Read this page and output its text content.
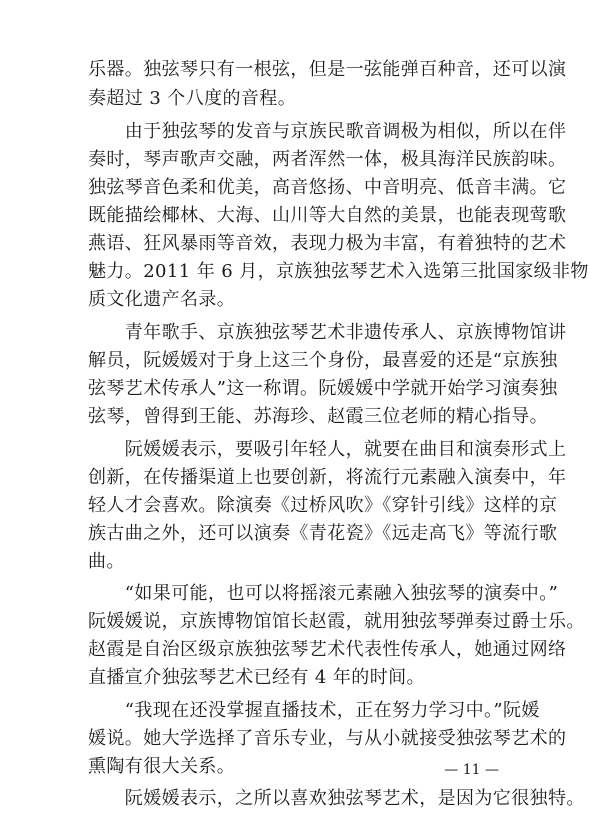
乐器。独弦琴只有一根弦，但是一弦能弹百种音，还可以演
奏超过 3 个八度的音程。
　　由于独弦琴的发音与京族民歌音调极为相似，所以在伴
奏时，琴声歌声交融，两者浑然一体，极具海洋民族韵味。
独弦琴音色柔和优美，高音悠扬、中音明亮、低音丰满。它
既能描绘椰林、大海、山川等大自然的美景，也能表现莺歌
燕语、狂风暴雨等音效，表现力极为丰富，有着独特的艺术
魅力。2011 年 6 月，京族独弦琴艺术入选第三批国家级非物
质文化遗产名录。
　　青年歌手、京族独弦琴艺术非遗传承人、京族博物馆讲
解员，阮媛媛对于身上这三个身份，最喜爱的还是“京族独
弦琴艺术传承人”这一称谓。阮媛媛中学就开始学习演奏独
弦琴，曾得到王能、苏海珍、赵霞三位老师的精心指导。
　　阮媛媛表示，要吸引年轻人，就要在曲目和演奏形式上
创新，在传播渠道上也要创新，将流行元素融入演奏中，年
轻人才会喜欢。除演奏《过桥风吹》《穿针引线》这样的京
族古曲之外，还可以演奏《青花瓷》《远走高飞》等流行歌
曲。
　　“如果可能，也可以将摇滚元素融入独弦琴的演奏中。”
阮媛媛说，京族博物馆馆长赵霞，就用独弦琴弹奏过爵士乐。
赵霞是自治区级京族独弦琴艺术代表性传承人，她通过网络
直播宣介独弦琴艺术已经有 4 年的时间。
　　“我现在还没掌握直播技术，正在努力学习中。”阮媛
媛说。她大学选择了音乐专业，与从小就接受独弦琴艺术的
熏陶有很大关系。
　　阮媛媛表示，之所以喜欢独弦琴艺术，是因为它很独特。
— 11 —
